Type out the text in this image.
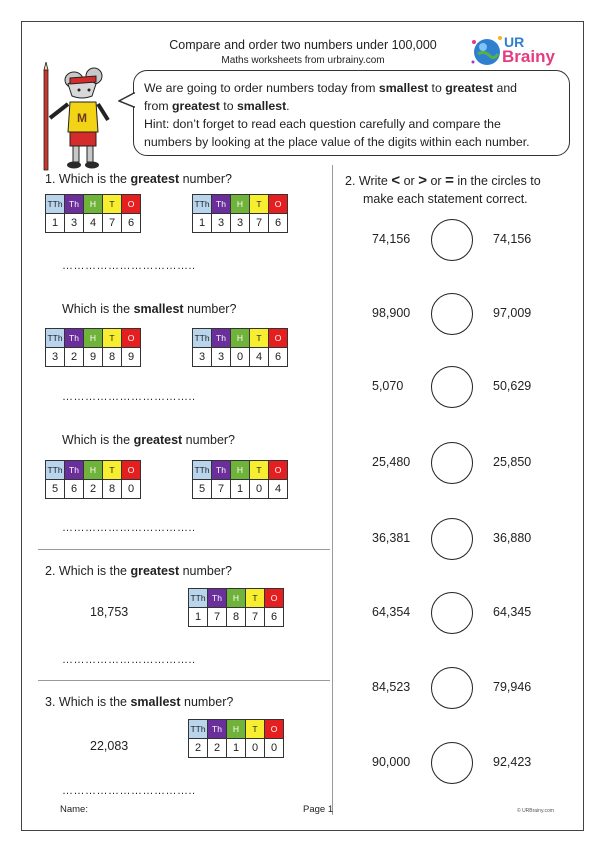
Compare and order two numbers under 100,000
Maths worksheets from urbrainy.com
UR
Brainy
M
We are going to order numbers today from smallest to greatest and
from greatest to smallest.
Hint: don’t forget to read each question carefully and compare the
numbers by looking at the place value of the digits within each number.
1. Which is the greatest number?
TTh	Th	H	T	O
1	3	4	7	6
TTh	Th	H	T	O
1	3	3	7	6
……………………………..
Which is the smallest number?
TTh	Th	H	T	O
3	2	9	8	9
TTh	Th	H	T	O
3	3	0	4	6
……………………………..
Which is the greatest number?
TTh	Th	H	T	O
5	6	2	8	0
TTh	Th	H	T	O
5	7	1	0	4
……………………………..
2. Which is the greatest number?
18,753
TTh	Th	H	T	O
1	7	8	7	6
……………………………..
3. Which is the smallest number?
22,083
TTh	Th	H	T	O
2	2	1	0	0
……………………………..
2. Write < or > or = in the circles to
make each statement correct.
74,156	74,156
98,900	97,009
5,070	50,629
25,480	25,850
36,381	36,880
64,354	64,345
84,523	79,946
90,000	92,423
Name:	Page 1	© URBrainy.com
